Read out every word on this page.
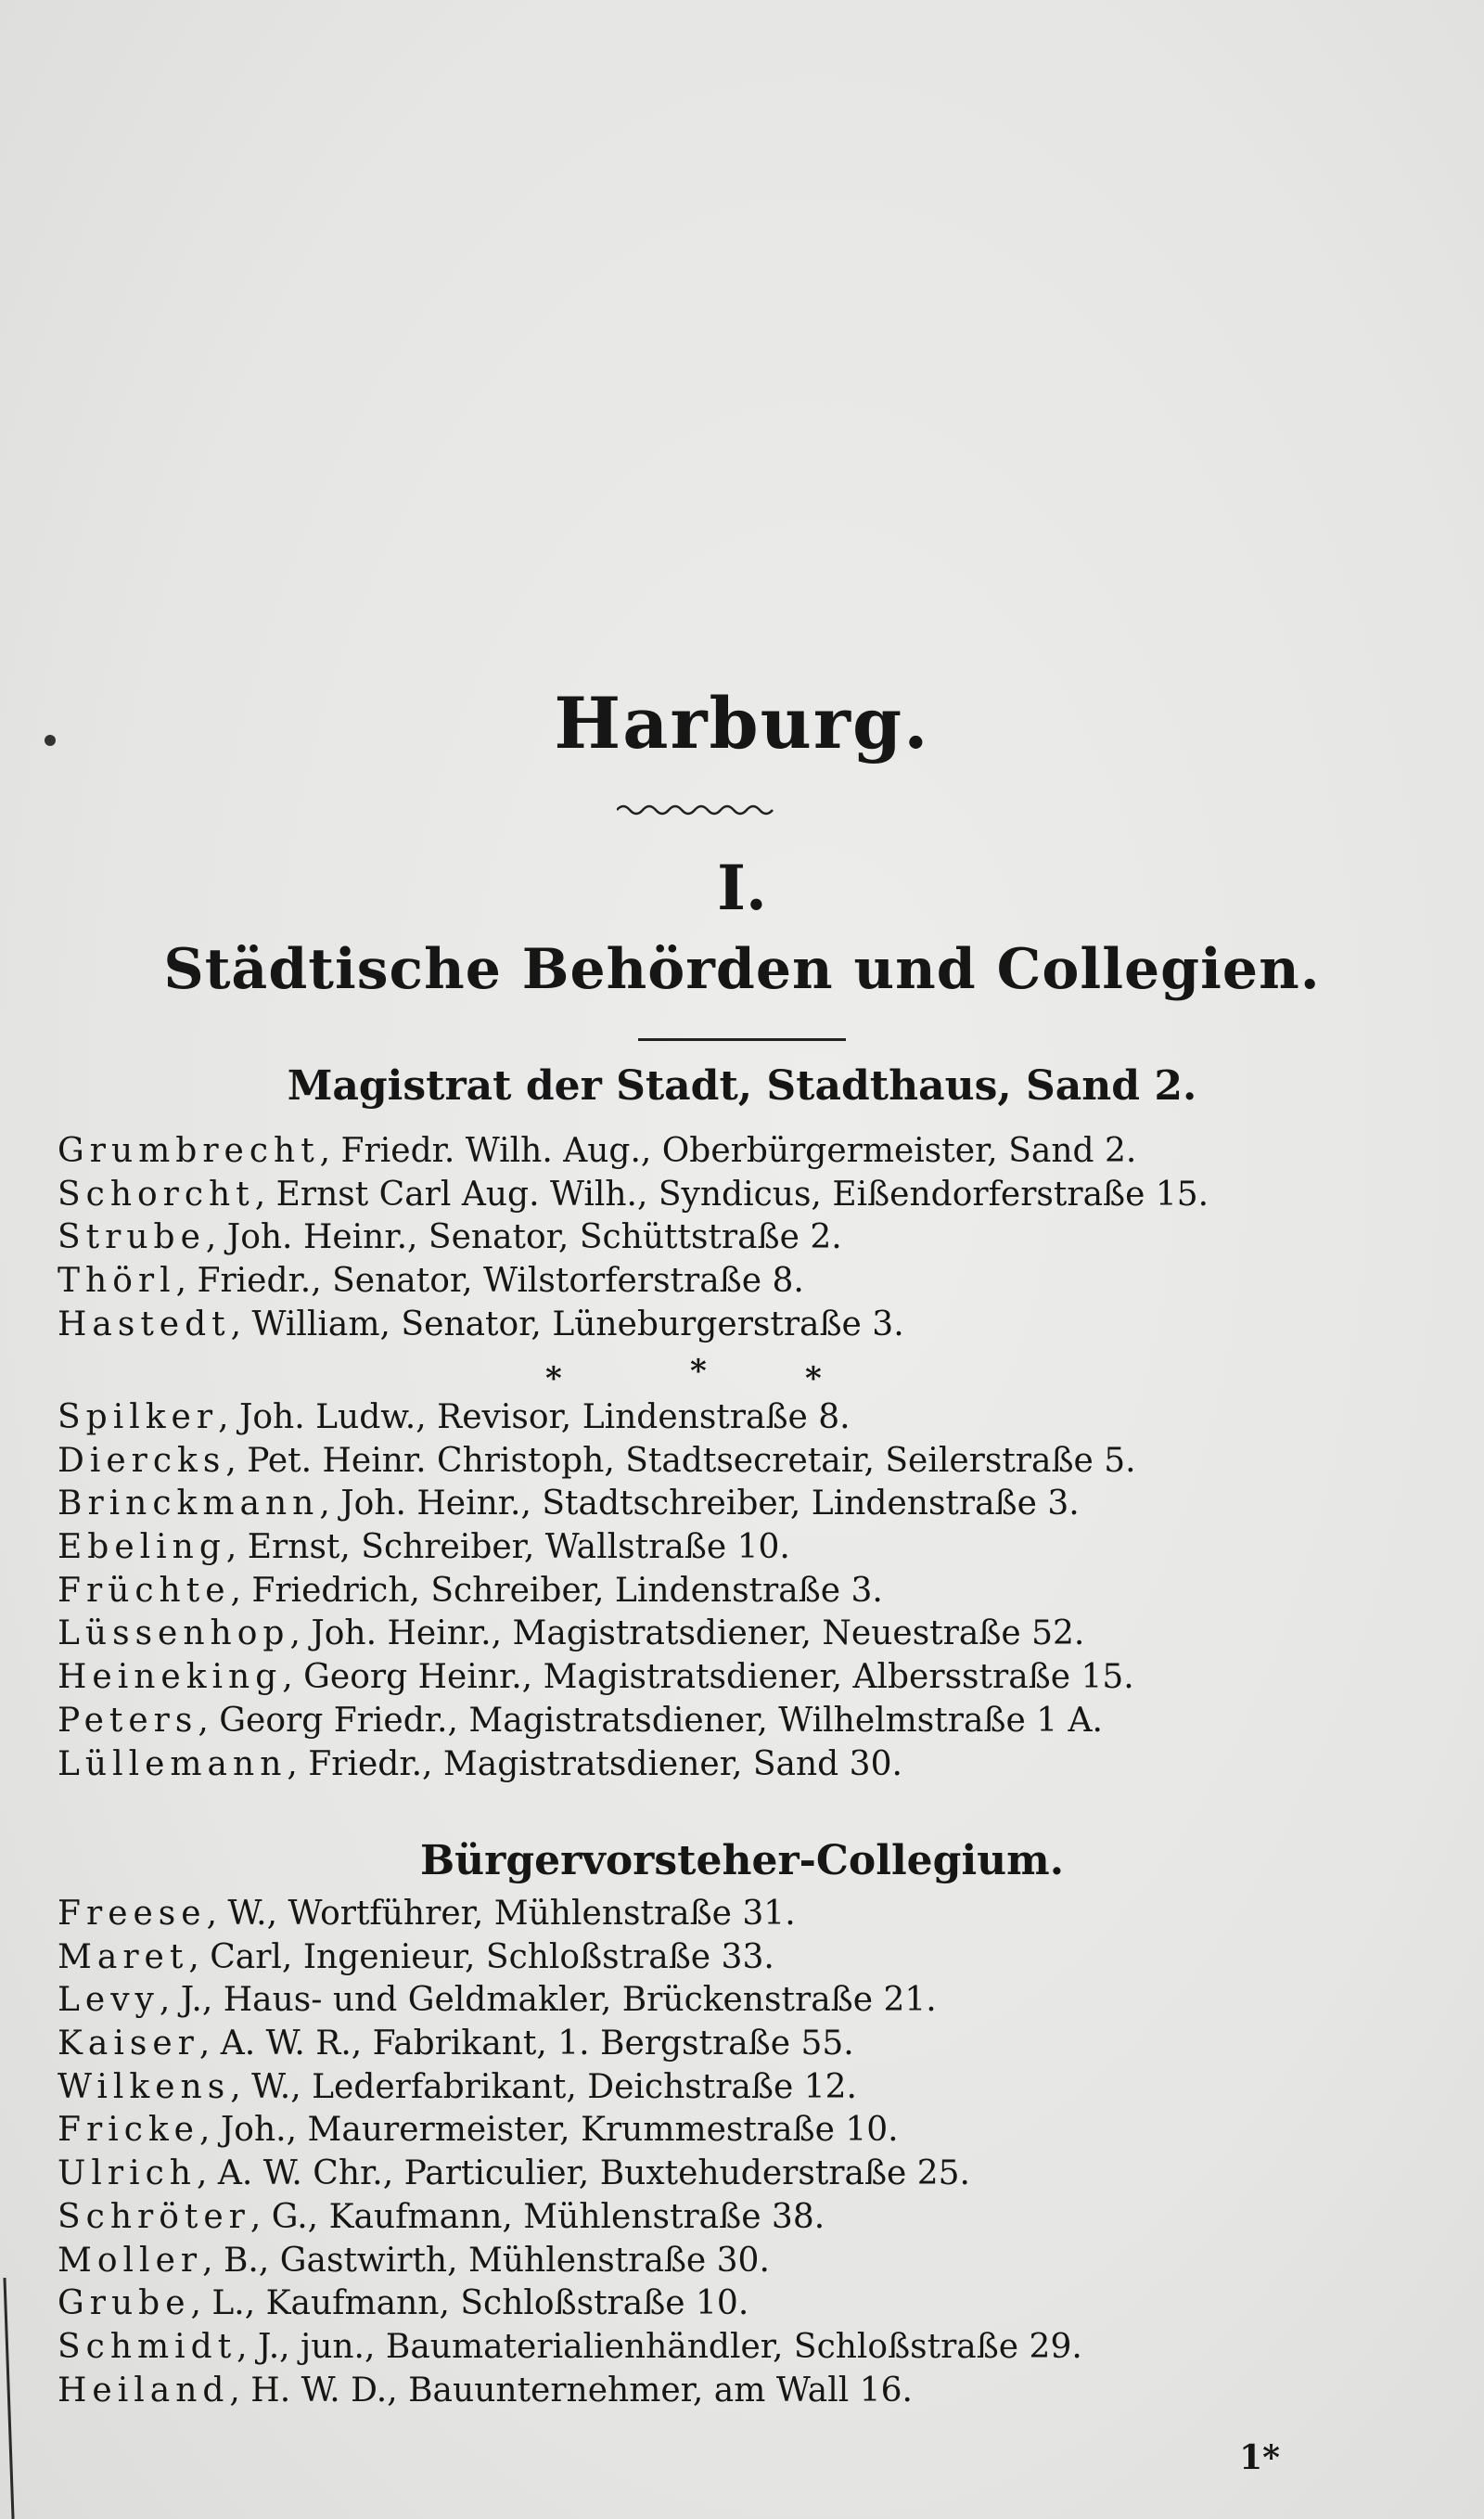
Harburg.
I.
Städtische Behörden und Collegien.
Magistrat der Stadt, Stadthaus, Sand 2.
Grumbrecht, Friedr. Wilh. Aug., Oberbürgermeister, Sand 2.
Schorcht, Ernst Carl Aug. Wilh., Syndicus, Eißendorferstraße 15.
Strube, Joh. Heinr., Senator, Schüttstraße 2.
Thörl, Friedr., Senator, Wilstorferstraße 8.
Hastedt, William, Senator, Lüneburgerstraße 3.
*	*	*
Spilker, Joh. Ludw., Revisor, Lindenstraße 8.
Diercks, Pet. Heinr. Christoph, Stadtsecretair, Seilerstraße 5.
Brinckmann, Joh. Heinr., Stadtschreiber, Lindenstraße 3.
Ebeling, Ernst, Schreiber, Wallstraße 10.
Früchte, Friedrich, Schreiber, Lindenstraße 3.
Lüssenhop, Joh. Heinr., Magistratsdiener, Neuestraße 52.
Heineking, Georg Heinr., Magistratsdiener, Albersstraße 15.
Peters, Georg Friedr., Magistratsdiener, Wilhelmstraße 1 A.
Lüllemann, Friedr., Magistratsdiener, Sand 30.
Bürgervorsteher-Collegium.
Freese, W., Wortführer, Mühlenstraße 31.
Maret, Carl, Ingenieur, Schloßstraße 33.
Levy, J., Haus- und Geldmakler, Brückenstraße 21.
Kaiser, A. W. R., Fabrikant, 1. Bergstraße 55.
Wilkens, W., Lederfabrikant, Deichstraße 12.
Fricke, Joh., Maurermeister, Krummestraße 10.
Ulrich, A. W. Chr., Particulier, Buxtehuderstraße 25.
Schröter, G., Kaufmann, Mühlenstraße 38.
Moller, B., Gastwirth, Mühlenstraße 30.
Grube, L., Kaufmann, Schloßstraße 10.
Schmidt, J., jun., Baumaterialienhändler, Schloßstraße 29.
Heiland, H. W. D., Bauunternehmer, am Wall 16.
1*
